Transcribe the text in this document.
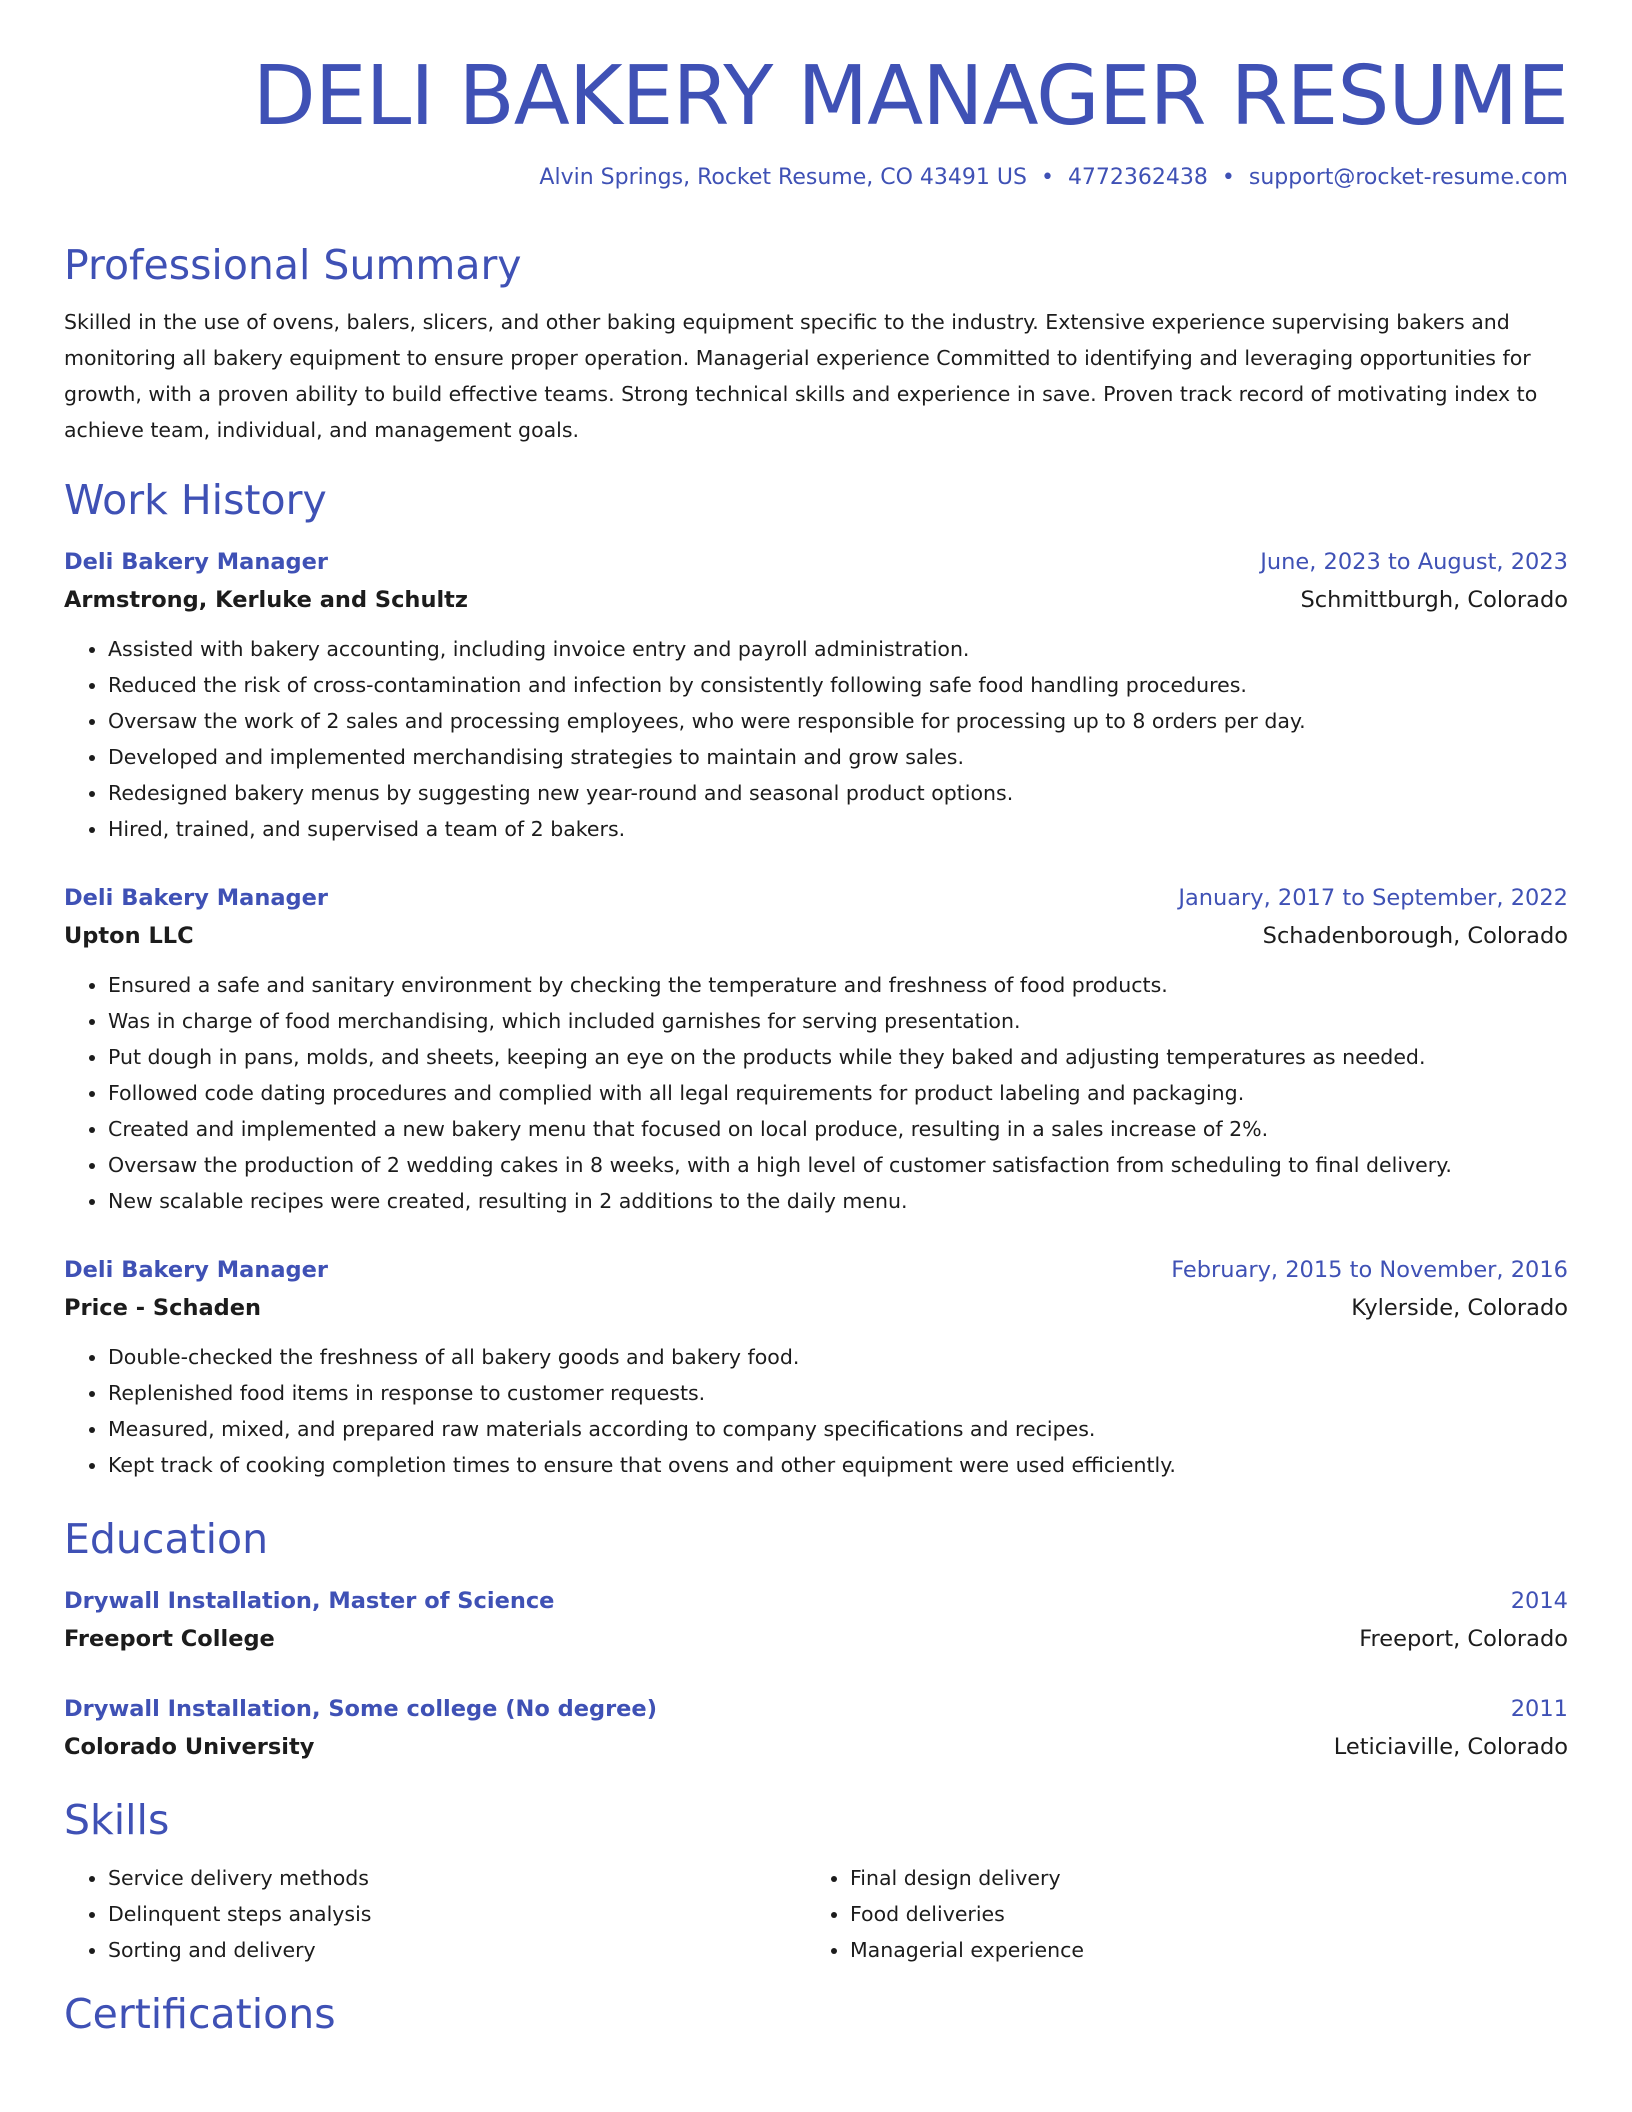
DELI BAKERY MANAGER RESUME
Alvin Springs, Rocket Resume, CO 43491 US • 4772362438 • support@rocket-resume.com
Professional Summary
Skilled in the use of ovens, balers, slicers, and other baking equipment specific to the industry. Extensive experience supervising bakers and monitoring all bakery equipment to ensure proper operation. Managerial experience Committed to identifying and leveraging opportunities for growth, with a proven ability to build effective teams. Strong technical skills and experience in save. Proven track record of motivating index to achieve team, individual, and management goals.
Work History
Deli Bakery Manager	June, 2023 to August, 2023
Armstrong, Kerluke and Schultz	Schmittburgh, Colorado
• Assisted with bakery accounting, including invoice entry and payroll administration.
• Reduced the risk of cross-contamination and infection by consistently following safe food handling procedures.
• Oversaw the work of 2 sales and processing employees, who were responsible for processing up to 8 orders per day.
• Developed and implemented merchandising strategies to maintain and grow sales.
• Redesigned bakery menus by suggesting new year-round and seasonal product options.
• Hired, trained, and supervised a team of 2 bakers.
Deli Bakery Manager	January, 2017 to September, 2022
Upton LLC	Schadenborough, Colorado
• Ensured a safe and sanitary environment by checking the temperature and freshness of food products.
• Was in charge of food merchandising, which included garnishes for serving presentation.
• Put dough in pans, molds, and sheets, keeping an eye on the products while they baked and adjusting temperatures as needed.
• Followed code dating procedures and complied with all legal requirements for product labeling and packaging.
• Created and implemented a new bakery menu that focused on local produce, resulting in a sales increase of 2%.
• Oversaw the production of 2 wedding cakes in 8 weeks, with a high level of customer satisfaction from scheduling to final delivery.
• New scalable recipes were created, resulting in 2 additions to the daily menu.
Deli Bakery Manager	February, 2015 to November, 2016
Price - Schaden	Kylerside, Colorado
• Double-checked the freshness of all bakery goods and bakery food.
• Replenished food items in response to customer requests.
• Measured, mixed, and prepared raw materials according to company specifications and recipes.
• Kept track of cooking completion times to ensure that ovens and other equipment were used efficiently.
Education
Drywall Installation, Master of Science	2014
Freeport College	Freeport, Colorado
Drywall Installation, Some college (No degree)	2011
Colorado University	Leticiaville, Colorado
Skills
• Service delivery methods
• Delinquent steps analysis
• Sorting and delivery
• Final design delivery
• Food deliveries
• Managerial experience
Certifications
